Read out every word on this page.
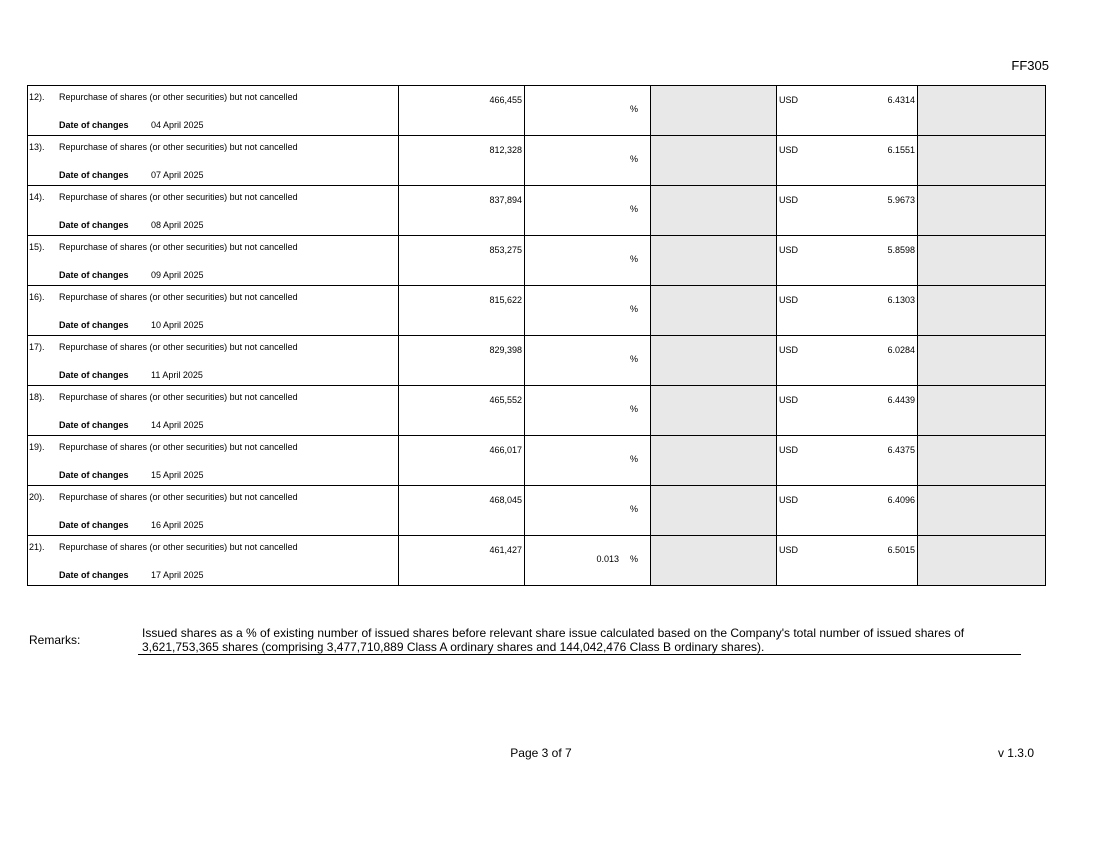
FF305
12). Repurchase of shares (or other securities) but not cancelled
Date of changes 04 April 2025	466,455	%		USD 6.4314	

13). Repurchase of shares (or other securities) but not cancelled
Date of changes 07 April 2025	812,328	%		USD 6.1551	

14). Repurchase of shares (or other securities) but not cancelled
Date of changes 08 April 2025	837,894	%		USD 5.9673	

15). Repurchase of shares (or other securities) but not cancelled
Date of changes 09 April 2025	853,275	%		USD 5.8598	

16). Repurchase of shares (or other securities) but not cancelled
Date of changes 10 April 2025	815,622	%		USD 6.1303	

17). Repurchase of shares (or other securities) but not cancelled
Date of changes 11 April 2025	829,398	%		USD 6.0284	

18). Repurchase of shares (or other securities) but not cancelled
Date of changes 14 April 2025	465,552	%		USD 6.4439	

19). Repurchase of shares (or other securities) but not cancelled
Date of changes 15 April 2025	466,017	%		USD 6.4375	

20). Repurchase of shares (or other securities) but not cancelled
Date of changes 16 April 2025	468,045	%		USD 6.4096	

21). Repurchase of shares (or other securities) but not cancelled
Date of changes 17 April 2025	461,427	0.013 %		USD 6.5015	

Remarks:	Issued shares as a % of existing number of issued shares before relevant share issue calculated based on the Company's total number of issued shares of 3,621,753,365 shares (comprising 3,477,710,889 Class A ordinary shares and 144,042,476 Class B ordinary shares).
Page 3 of 7	v 1.3.0
